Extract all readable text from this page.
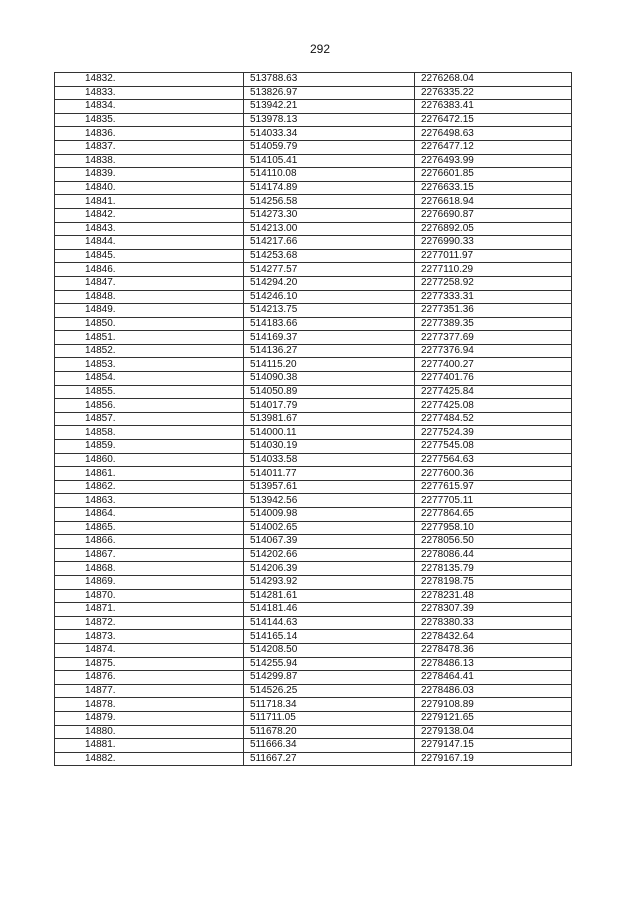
292
14832.	513788.63	2276268.04
14833.	513826.97	2276335.22
14834.	513942.21	2276383.41
14835.	513978.13	2276472.15
14836.	514033.34	2276498.63
14837.	514059.79	2276477.12
14838.	514105.41	2276493.99
14839.	514110.08	2276601.85
14840.	514174.89	2276633.15
14841.	514256.58	2276618.94
14842.	514273.30	2276690.87
14843.	514213.00	2276892.05
14844.	514217.66	2276990.33
14845.	514253.68	2277011.97
14846.	514277.57	2277110.29
14847.	514294.20	2277258.92
14848.	514246.10	2277333.31
14849.	514213.75	2277351.36
14850.	514183.66	2277389.35
14851.	514169.37	2277377.69
14852.	514136.27	2277376.94
14853.	514115.20	2277400.27
14854.	514090.38	2277401.76
14855.	514050.89	2277425.84
14856.	514017.79	2277425.08
14857.	513981.67	2277484.52
14858.	514000.11	2277524.39
14859.	514030.19	2277545.08
14860.	514033.58	2277564.63
14861.	514011.77	2277600.36
14862.	513957.61	2277615.97
14863.	513942.56	2277705.11
14864.	514009.98	2277864.65
14865.	514002.65	2277958.10
14866.	514067.39	2278056.50
14867.	514202.66	2278086.44
14868.	514206.39	2278135.79
14869.	514293.92	2278198.75
14870.	514281.61	2278231.48
14871.	514181.46	2278307.39
14872.	514144.63	2278380.33
14873.	514165.14	2278432.64
14874.	514208.50	2278478.36
14875.	514255.94	2278486.13
14876.	514299.87	2278464.41
14877.	514526.25	2278486.03
14878.	511718.34	2279108.89
14879.	511711.05	2279121.65
14880.	511678.20	2279138.04
14881.	511666.34	2279147.15
14882.	511667.27	2279167.19
